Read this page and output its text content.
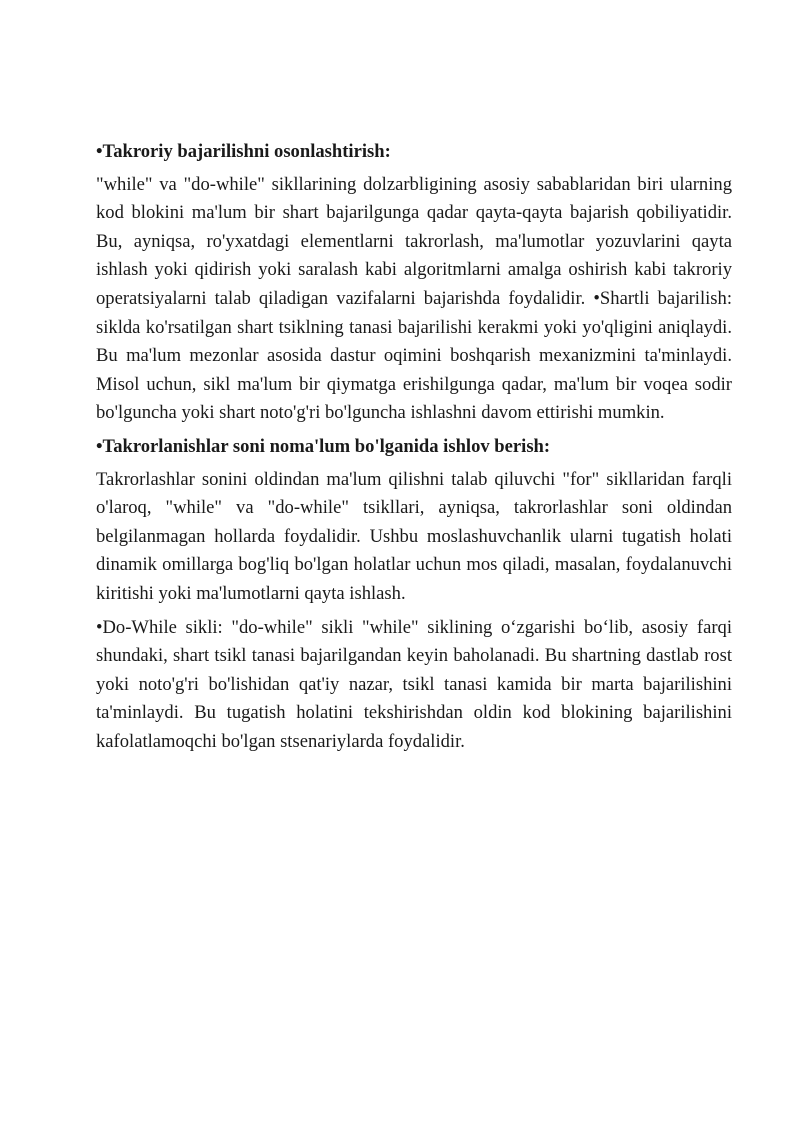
•Takroriy bajarilishni osonlashtirish:
"while" va "do-while" sikllarining dolzarbligining asosiy sabablaridan biri ularning kod blokini ma'lum bir shart bajarilgunga qadar qayta-qayta bajarish qobiliyatidir. Bu, ayniqsa, ro'yxatdagi elementlarni takrorlash, ma'lumotlar yozuvlarini qayta ishlash yoki qidirish yoki saralash kabi algoritmlarni amalga oshirish kabi takroriy operatsiyalarni talab qiladigan vazifalarni bajarishda foydalidir. •Shartli bajarilish: siklda ko'rsatilgan shart tsiklning tanasi bajarilishi kerakmi yoki yo'qligini aniqlaydi. Bu ma'lum mezonlar asosida dastur oqimini boshqarish mexanizmini ta'minlaydi. Misol uchun, sikl ma'lum bir qiymatga erishilgunga qadar, ma'lum bir voqea sodir bo'lguncha yoki shart noto'g'ri bo'lguncha ishlashni davom ettirishi mumkin.
•Takrorlanishlar soni noma'lum bo'lganida ishlov berish:
Takrorlashlar sonini oldindan ma'lum qilishni talab qiluvchi "for" sikllaridan farqli o'laroq, "while" va "do-while" tsikllari, ayniqsa, takrorlashlar soni oldindan belgilanmagan hollarda foydalidir. Ushbu moslashuvchanlik ularni tugatish holati dinamik omillarga bog'liq bo'lgan holatlar uchun mos qiladi, masalan, foydalanuvchi kiritishi yoki ma'lumotlarni qayta ishlash.
•Do-While sikli: "do-while" sikli "while" siklining oʻzgarishi boʻlib, asosiy farqi shundaki, shart tsikl tanasi bajarilgandan keyin baholanadi. Bu shartning dastlab rost yoki noto'g'ri bo'lishidan qat'iy nazar, tsikl tanasi kamida bir marta bajarilishini ta'minlaydi. Bu tugatish holatini tekshirishdan oldin kod blokining bajarilishini kafolatlamoqchi bo'lgan stsenariylarda foydalidir.
